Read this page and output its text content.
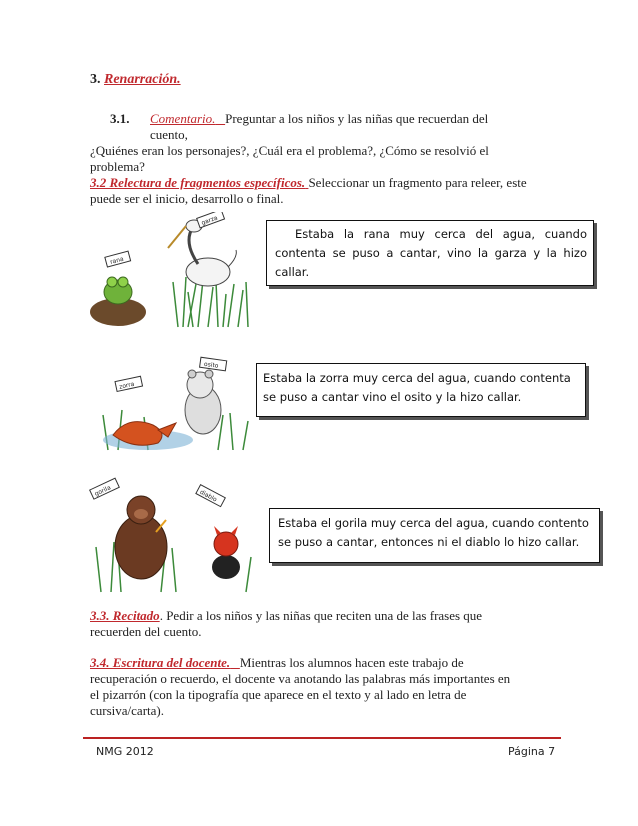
3. Renarración.
3.1. Comentario. Preguntar a los niños y las niñas que recuerdan del
cuento,
¿Quiénes eran los personajes?, ¿Cuál era el problema?, ¿Cómo se resolvió el
problema?
3.2 Relectura de fragmentos específicos. Seleccionar un fragmento para releer, este
puede ser el inicio, desarrollo o final.
Estaba la rana muy cerca del agua, cuando contenta se puso a cantar, vino la garza y la hizo callar.
Estaba la zorra muy cerca del agua, cuando contenta se puso a cantar vino el osito y la hizo callar.
Estaba el gorila muy cerca del agua, cuando contento se puso a cantar, entonces ni el diablo lo hizo callar.
rana
garza
zorra
osito
gorila	diablo
3.3. Recitado. Pedir a los niños y las niñas que reciten una de las frases que
recuerden del cuento.
3.4. Escritura del docente. Mientras los alumnos hacen este trabajo de
recuperación o recuerdo, el docente va anotando las palabras más importantes en
el pizarrón (con la tipografía que aparece en el texto y al lado en letra de
cursiva/carta).
NMG 2012	Página 7
